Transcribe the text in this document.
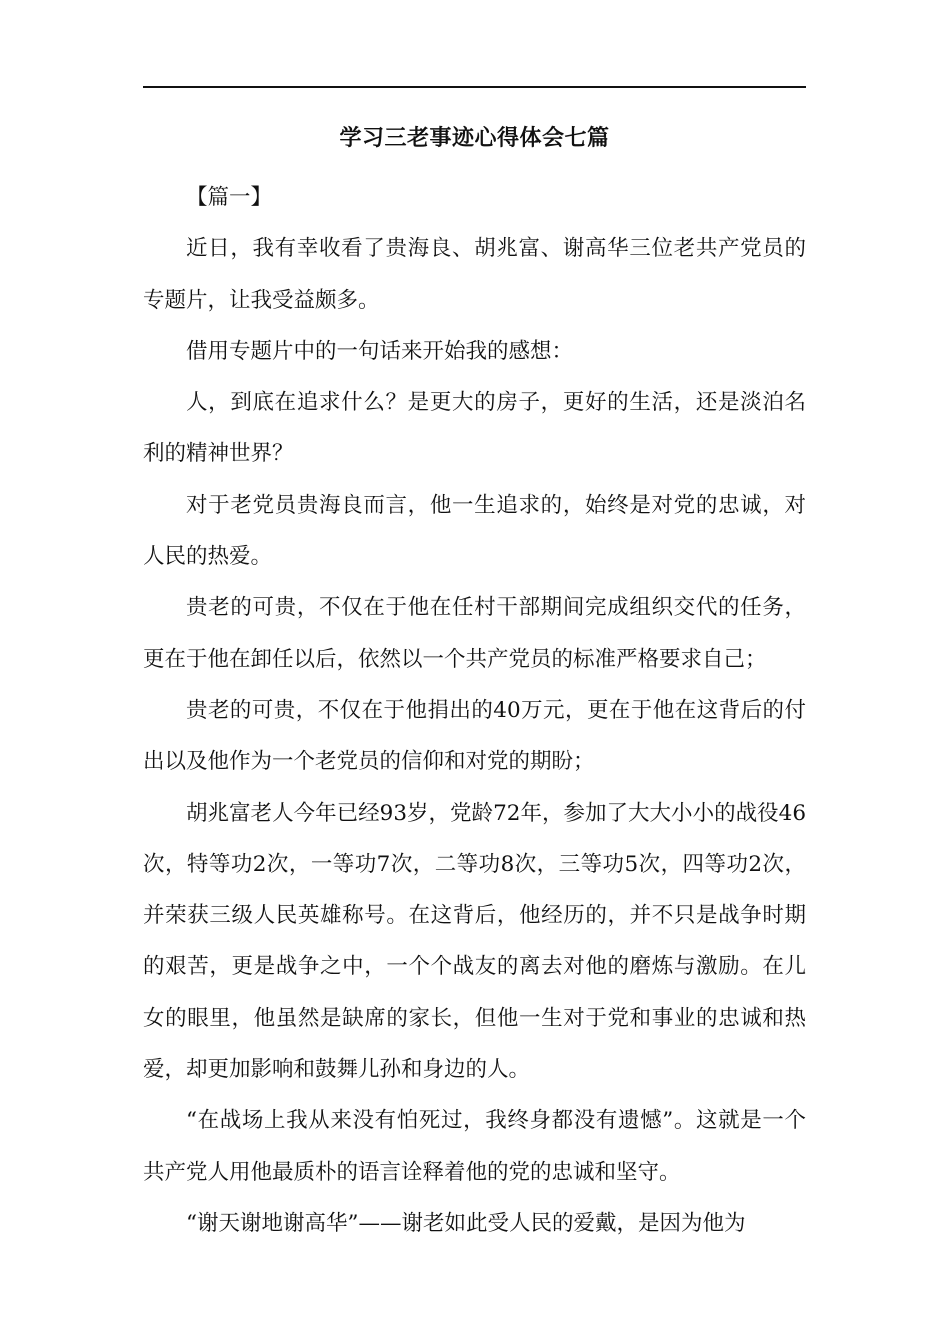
学习三老事迹心得体会七篇

【篇一】

近日，我有幸收看了贵海良、胡兆富、谢高华三位老共产党员的专题片，让我受益颇多。

借用专题片中的一句话来开始我的感想：

人，到底在追求什么？是更大的房子，更好的生活，还是淡泊名利的精神世界？

对于老党员贵海良而言，他一生追求的，始终是对党的忠诚，对人民的热爱。

贵老的可贵，不仅在于他在任村干部期间完成组织交代的任务，更在于他在卸任以后，依然以一个共产党员的标准严格要求自己；

贵老的可贵，不仅在于他捐出的40万元，更在于他在这背后的付出以及他作为一个老党员的信仰和对党的期盼；

胡兆富老人今年已经93岁，党龄72年，参加了大大小小的战役46次，特等功2次，一等功7次，二等功8次，三等功5次，四等功2次，并荣获三级人民英雄称号。在这背后，他经历的，并不只是战争时期的艰苦，更是战争之中，一个个战友的离去对他的磨炼与激励。在儿女的眼里，他虽然是缺席的家长，但他一生对于党和事业的忠诚和热爱，却更加影响和鼓舞儿孙和身边的人。

“在战场上我从来没有怕死过，我终身都没有遗憾”。这就是一个共产党人用他最质朴的语言诠释着他的党的忠诚和坚守。

“谢天谢地谢高华”——谢老如此受人民的爱戴，是因为他为
